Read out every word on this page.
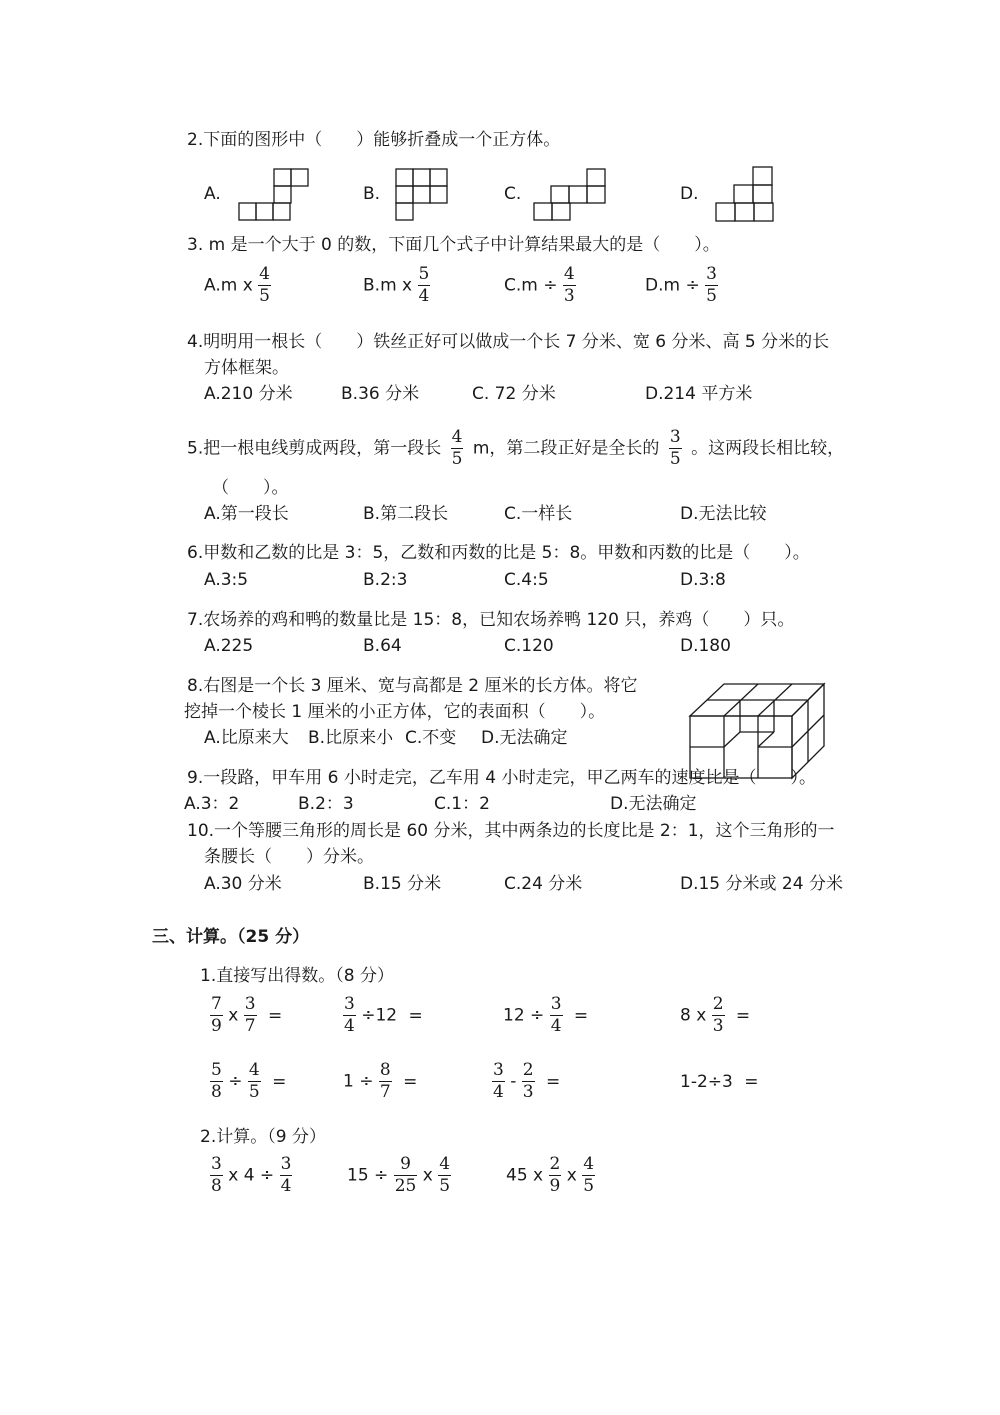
2.下面的图形中（　　）能够折叠成一个正方体。
A.	B.	C.	D.
3. m 是一个大于 0 的数，下面几个式子中计算结果最大的是（　　）。
A.m x $\frac{4}{5}$	B.m x $\frac{5}{4}$	$C.m \div \frac{4}{3}$	$D.m \div \frac{3}{5}$
4.明明用一根长（　　）铁丝正好可以做成一个长 7 分米、宽 6 分米、高 5 分米的长
方体框架。
A.210 分米	B.36 分米	C. 72 分米	D.214 平方米
5.把一根电线剪成两段，第一段长 $\frac{4}{5}$ m，第二段正好是全长的 $\frac{3}{5}$ 。这两段长相比较，
（　　）。
A.第一段长	B.第二段长	C.一样长	D.无法比较
6.甲数和乙数的比是 3：5，乙数和丙数的比是 5：8。甲数和丙数的比是（　　）。
A.3:5	B.2:3	C.4:5	D.3:8
7.农场养的鸡和鸭的数量比是 15：8，已知农场养鸭 120 只，养鸡（　　）只。
A.225	B.64	C.120	D.180
8.右图是一个长 3 厘米、宽与高都是 2 厘米的长方体。将它
挖掉一个棱长 1 厘米的小正方体，它的表面积（　　）。
A.比原来大 B.比原来小 C.不变 D.无法确定
9.一段路，甲车用 6 小时走完，乙车用 4 小时走完，甲乙两车的速度比是（　　）。
A.3：2	B.2：3	C.1：2	D.无法确定
10.一个等腰三角形的周长是 60 分米，其中两条边的长度比是 2：1，这个三角形的一
条腰长（　　）分米。
A.30 分米	B.15 分米	C.24 分米	D.15 分米或 24 分米
三、计算。（25 分）
1.直接写出得数。（8 分）
$\frac{7}{9}$ x $\frac{3}{7}$ =	$\frac{3}{4} \div 12$ =	$12 \div \frac{3}{4}$ =	8 x $\frac{2}{3}$ =
$\frac{5}{8} \div \frac{4}{5}$ =	$1 \div \frac{8}{7}$ =	$\frac{3}{4} - \frac{2}{3}$ =	1-2÷3 =
2.计算。（9 分）
$\frac{3}{8}$ x $4 \div \frac{3}{4}$	$15 \div \frac{9}{25}$ x $\frac{4}{5}$	45 x $\frac{2}{9}$ x $\frac{4}{5}$
